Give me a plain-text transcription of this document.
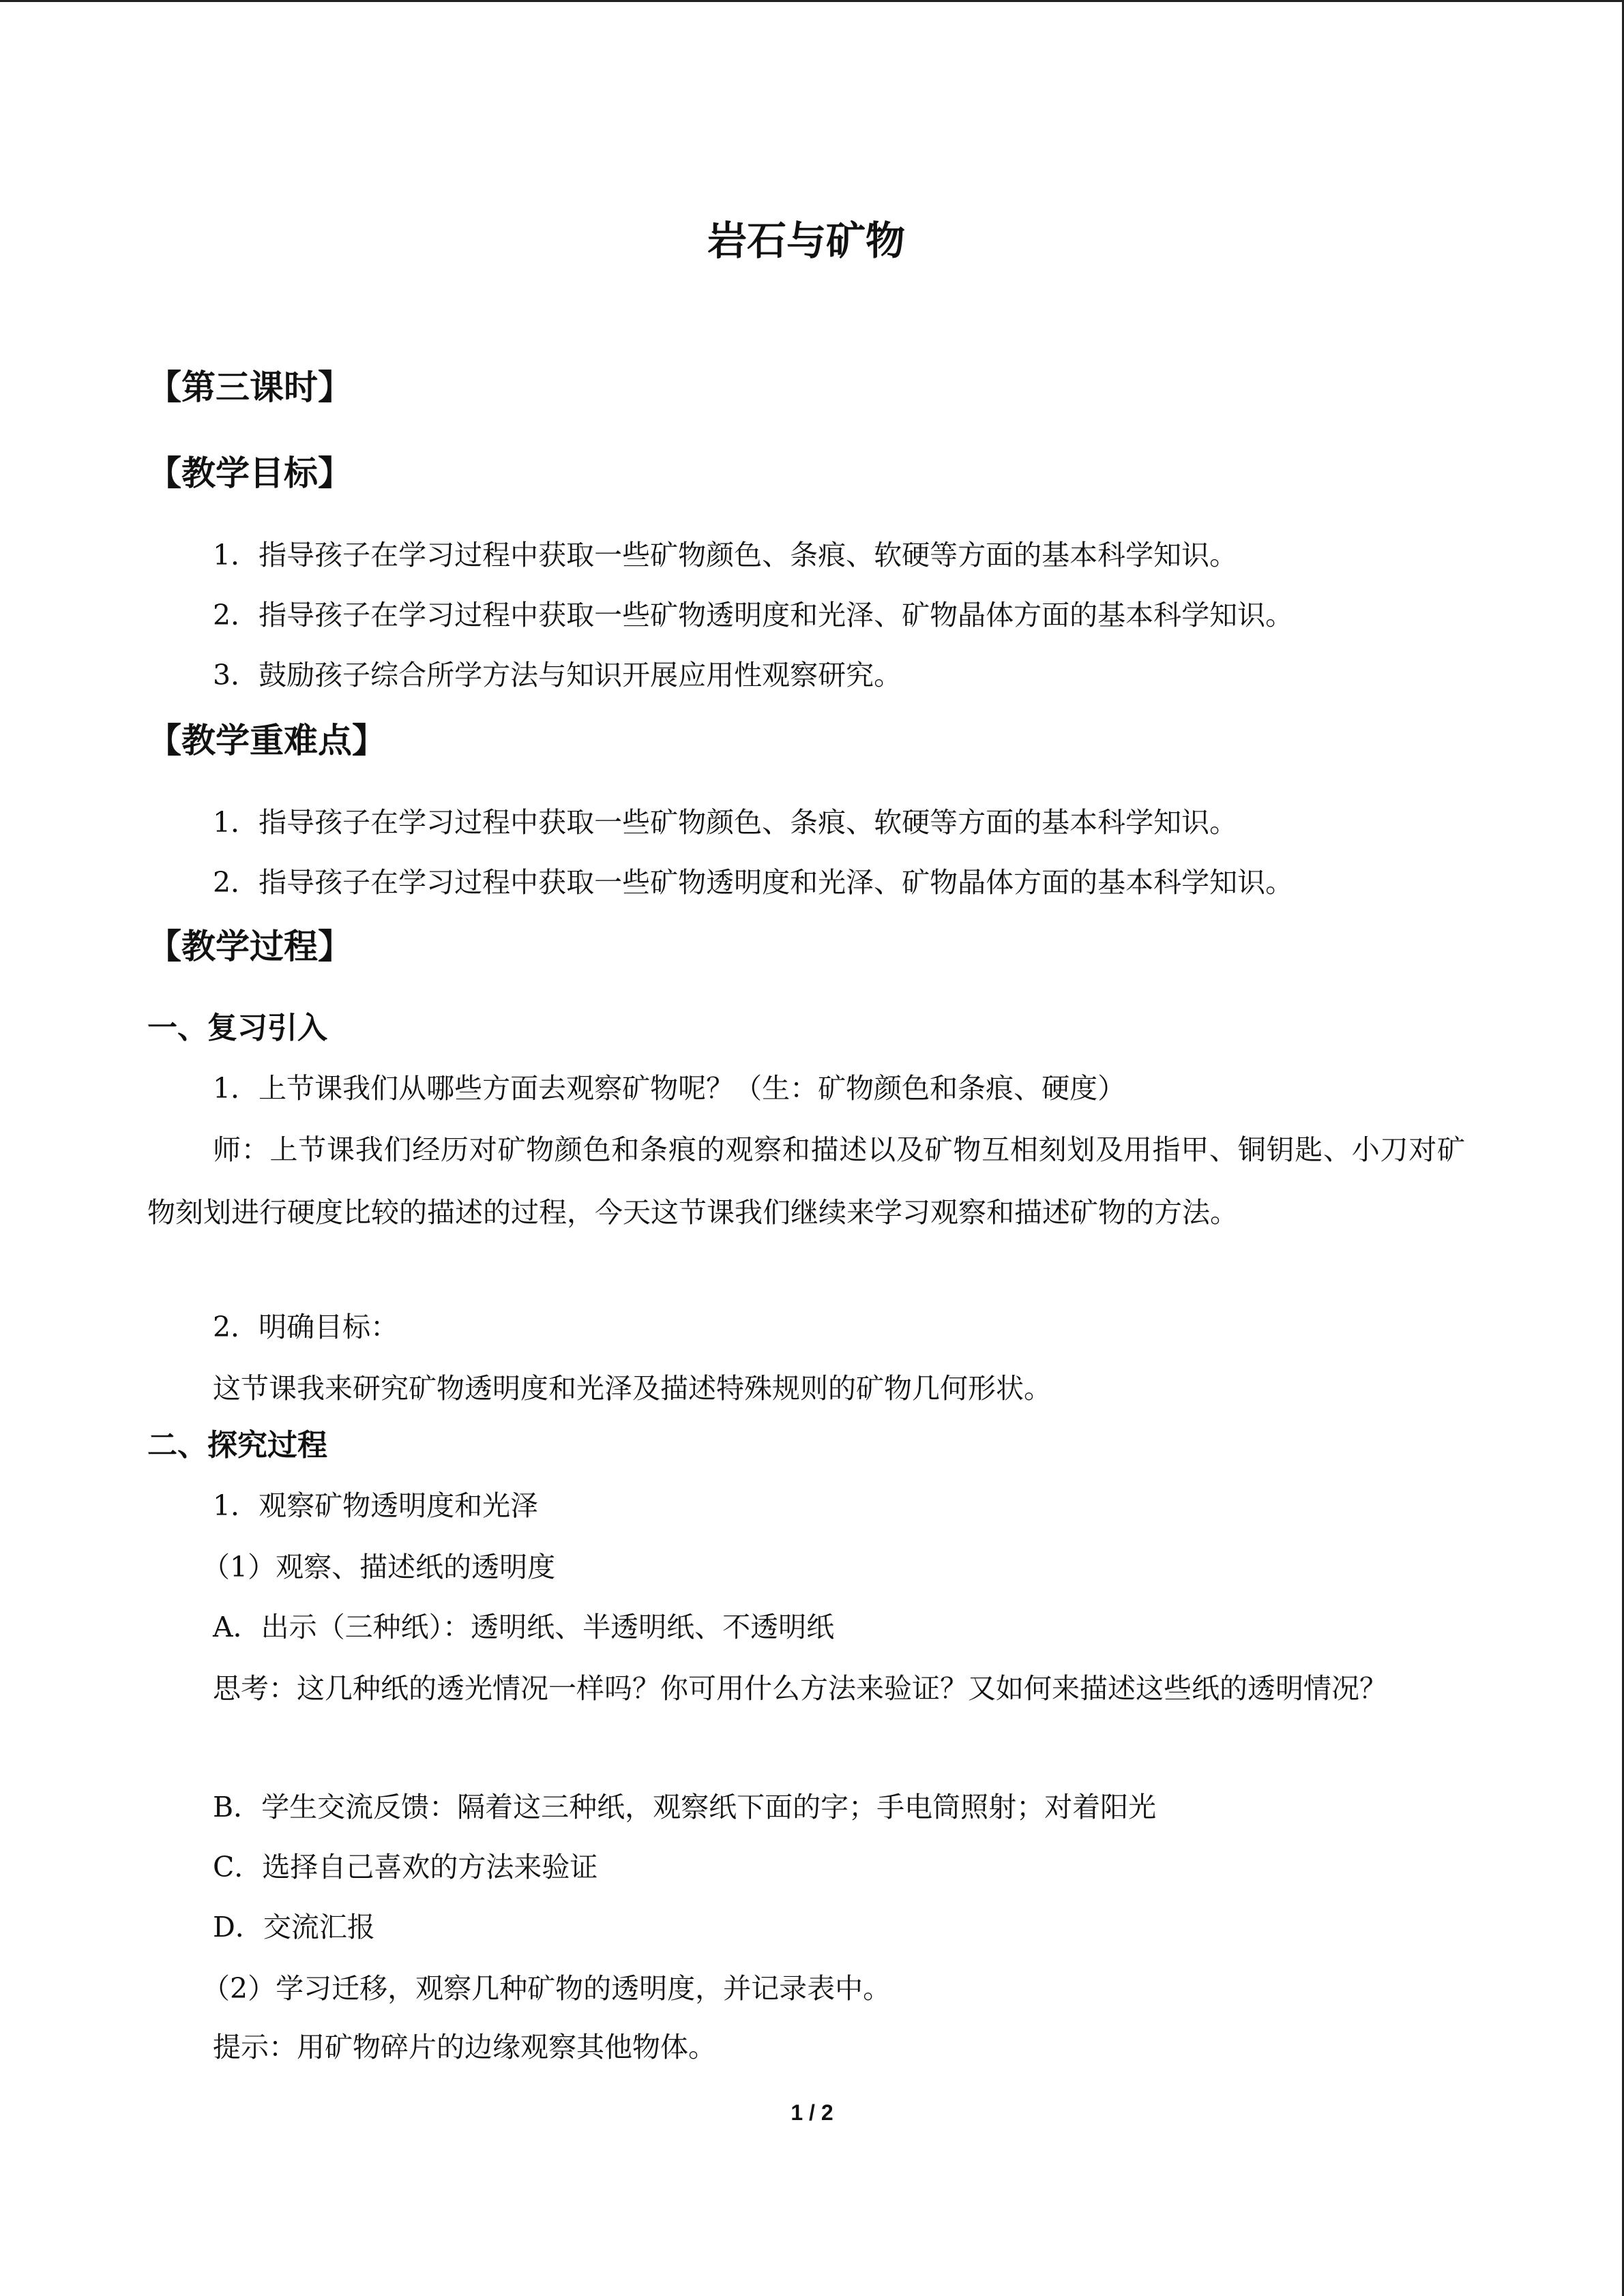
岩石与矿物
【第三课时】
【教学目标】
1．指导孩子在学习过程中获取一些矿物颜色、条痕、软硬等方面的基本科学知识。
2．指导孩子在学习过程中获取一些矿物透明度和光泽、矿物晶体方面的基本科学知识。
3．鼓励孩子综合所学方法与知识开展应用性观察研究。
【教学重难点】
1．指导孩子在学习过程中获取一些矿物颜色、条痕、软硬等方面的基本科学知识。
2．指导孩子在学习过程中获取一些矿物透明度和光泽、矿物晶体方面的基本科学知识。
【教学过程】
一、复习引入
1．上节课我们从哪些方面去观察矿物呢？（生：矿物颜色和条痕、硬度）
师：上节课我们经历对矿物颜色和条痕的观察和描述以及矿物互相刻划及用指甲、铜钥匙、小刀对矿物刻划进行硬度比较的描述的过程，今天这节课我们继续来学习观察和描述矿物的方法。
2．明确目标：
这节课我来研究矿物透明度和光泽及描述特殊规则的矿物几何形状。
二、探究过程
1．观察矿物透明度和光泽
（1）观察、描述纸的透明度
A．出示（三种纸）：透明纸、半透明纸、不透明纸
思考：这几种纸的透光情况一样吗？你可用什么方法来验证？又如何来描述这些纸的透明情况？
B．学生交流反馈：隔着这三种纸，观察纸下面的字；手电筒照射；对着阳光
C．选择自己喜欢的方法来验证
D．交流汇报
（2）学习迁移，观察几种矿物的透明度，并记录表中。
提示：用矿物碎片的边缘观察其他物体。
1 / 2
